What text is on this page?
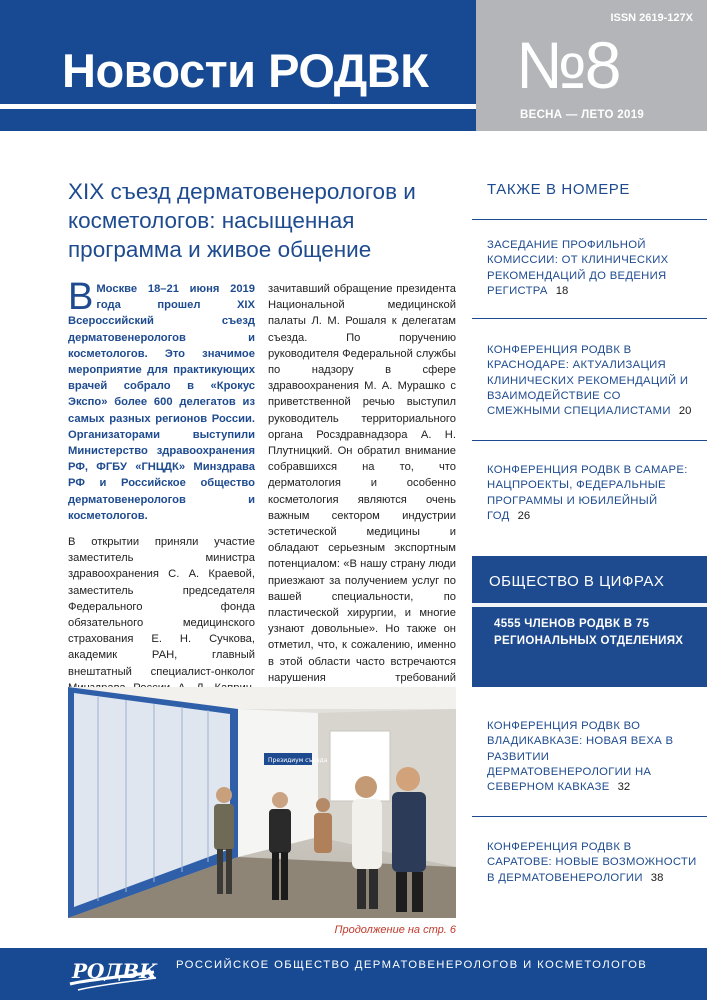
Новости РОДВК
ISSN 2619-127X
№8
ВЕСНА — ЛЕТО 2019
XIX съезд дерматовенерологов и косметологов: насыщенная программа и живое общение

В Москве 18–21 июня 2019 года прошел XIX Всероссийский съезд дерматовенерологов и косметологов. Это значимое мероприятие для практикующих врачей собрало в «Крокус Экспо» более 600 делегатов из самых разных регионов России. Организаторами выступили Министерство здравоохранения РФ, ФГБУ «ГНЦДК» Минздрава РФ и Российское общество дерматовенерологов и косметологов.

В открытии приняли участие заместитель министра здравоохранения С. А. Краевой, заместитель председателя Федерального фонда обязательного медицинского страхования Е. Н. Сучкова, академик РАН, главный внештатный специалист-онколог

зачитавший обращение президента Национальной медицинской палаты Л. М. Рошаля к делегатам съезда. По поручению руководителя Федеральной службы по надзору в сфере здравоохранения М. А. Мурашко с приветственной речью выступил руководитель территориального органа Росздравнадзора А. Н. Плутницкий. Он обратил внимание собравшихся на то, что дерматология и особенно косметология являются очень важным сектором индустрии эстетической медицины и обладают серьезным экспортным потенциалом: «В нашу страну люди приезжают за получением услуг по вашей специальности, по пластической хирургии, и многие узнают довольные». Но также он отметил, что, к сожалению, именно в этой области часто встречаются нарушения требований

Президиум съезда
Продолжение на стр. 6
ТАКЖЕ В НОМЕРЕ
ЗАСЕДАНИЕ ПРОФИЛЬНОЙ КОМИССИИ: ОТ КЛИНИЧЕСКИХ РЕКОМЕНДАЦИЙ ДО ВЕДЕНИЯ РЕГИСТРА 18
КОНФЕРЕНЦИЯ РОДВК В КРАСНОДАРЕ: АКТУАЛИЗАЦИЯ КЛИНИЧЕСКИХ РЕКОМЕНДАЦИЙ И ВЗАИМОДЕЙСТВИЕ СО СМЕЖНЫМИ СПЕЦИАЛИСТАМИ 20
КОНФЕРЕНЦИЯ РОДВК В САМАРЕ: НАЦПРОЕКТЫ, ФЕДЕРАЛЬНЫЕ ПРОГРАММЫ И ЮБИЛЕЙНЫЙ ГОД 26
ОБЩЕСТВО В ЦИФРАХ
4555 ЧЛЕНОВ РОДВК В 75 РЕГИОНАЛЬНЫХ ОТДЕЛЕНИЯХ
КОНФЕРЕНЦИЯ РОДВК ВО ВЛАДИКАВКАЗЕ: НОВАЯ ВЕХА В РАЗВИТИИ ДЕРМАТОВЕНЕРОЛОГИИ НА СЕВЕРНОМ КАВКАЗЕ 32
КОНФЕРЕНЦИЯ РОДВК В САРАТОВЕ: НОВЫЕ ВОЗМОЖНОСТИ В ДЕРМАТОВЕНЕРОЛОГИИ 38
РОДВК РОССИЙСКОЕ ОБЩЕСТВО ДЕРМАТОВЕНЕРОЛОГОВ И КОСМЕТОЛОГОВ
